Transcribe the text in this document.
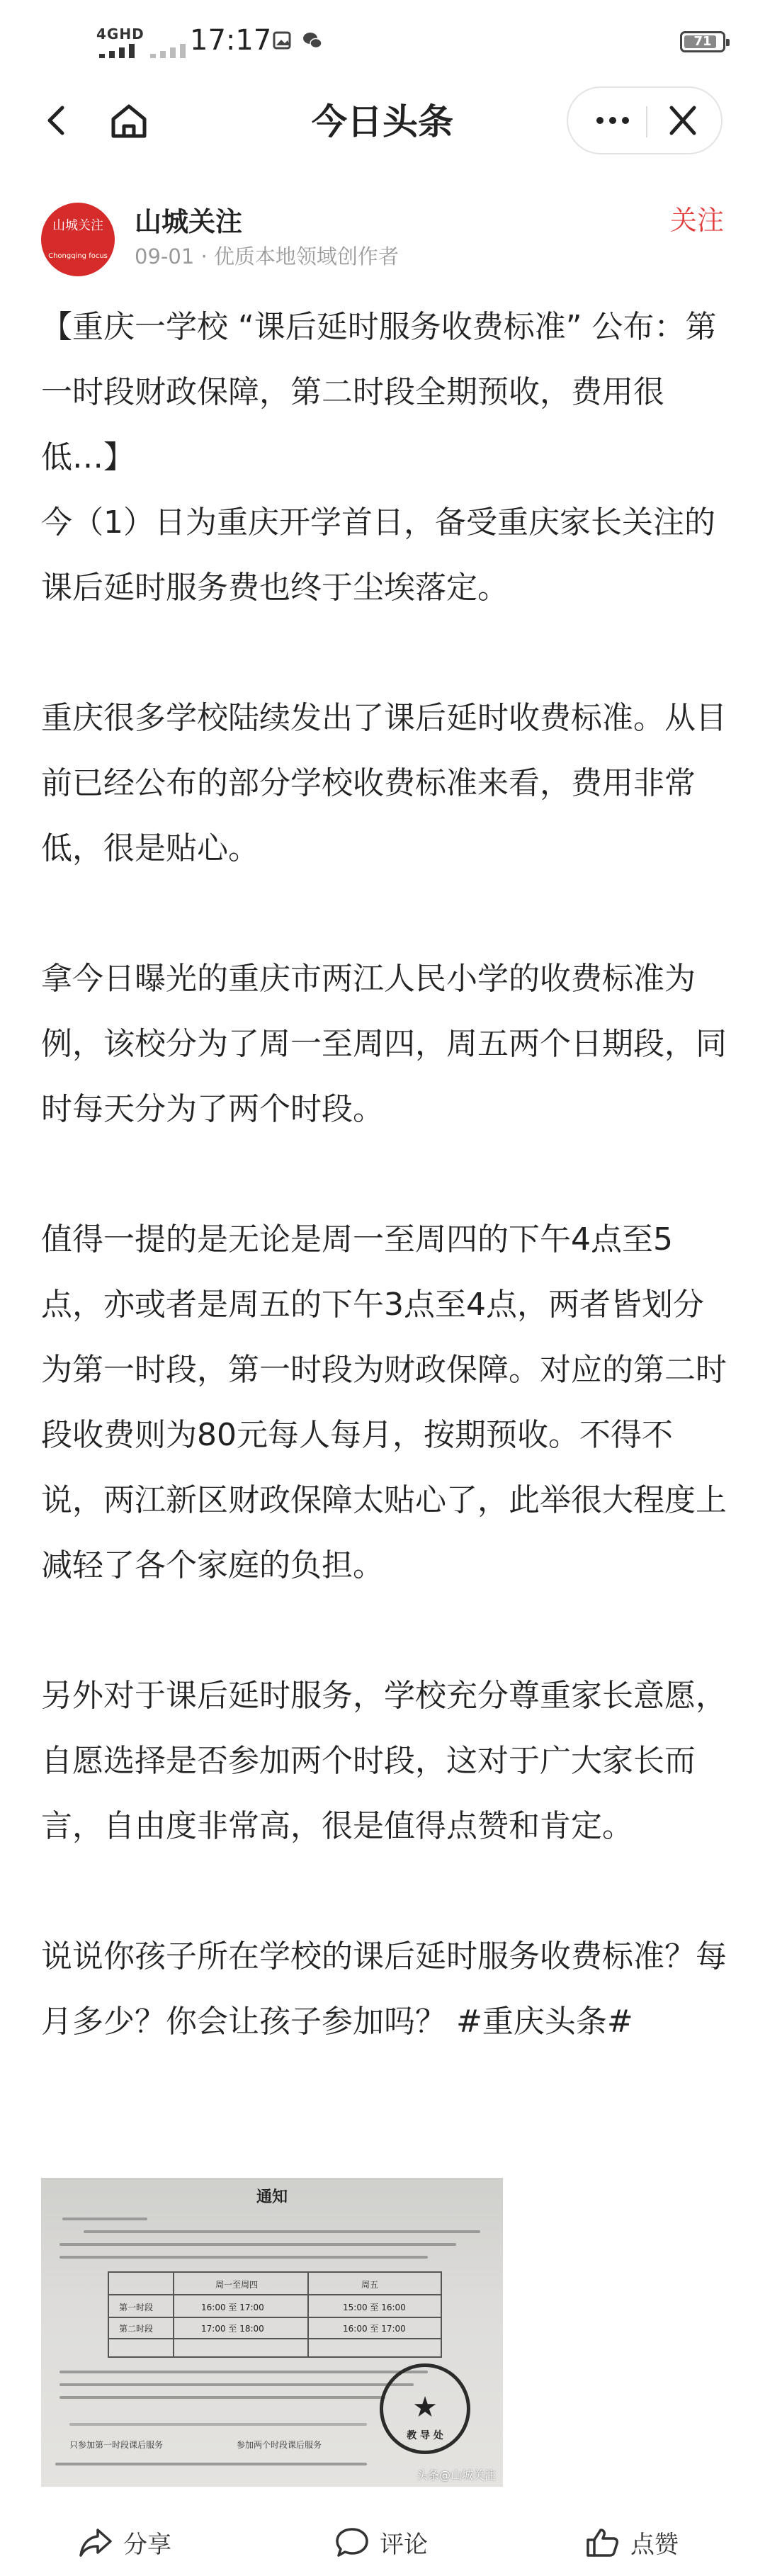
4GHD 17:17	71
今日头条
山城关注
Chongqing focus
山城关注
09-01 · 优质本地领域创作者
关注

【重庆一学校 “课后延时服务收费标准” 公布：第一时段财政保障，第二时段全期预收，费用很低…】
今（1）日为重庆开学首日，备受重庆家长关注的课后延时服务费也终于尘埃落定。

重庆很多学校陆续发出了课后延时收费标准。从目前已经公布的部分学校收费标准来看，费用非常低，很是贴心。

拿今日曝光的重庆市两江人民小学的收费标准为例，该校分为了周一至周四，周五两个日期段，同时每天分为了两个时段。

值得一提的是无论是周一至周四的下午4点至5点，亦或者是周五的下午3点至4点，两者皆划分为第一时段，第一时段为财政保障。对应的第二时段收费则为80元每人每月，按期预收。不得不说，两江新区财政保障太贴心了，此举很大程度上减轻了各个家庭的负担。

另外对于课后延时服务，学校充分尊重家长意愿，自愿选择是否参加两个时段，这对于广大家长而言，自由度非常高，很是值得点赞和肯定。

说说你孩子所在学校的课后延时服务收费标准？每月多少？你会让孩子参加吗？ #重庆头条#

通知
周一至周四	周五
第一时段	16:00 至 17:00	15:00 至 16:00
第二时段	17:00 至 18:00	16:00 至 17:00
只参加第一时段课后服务	参加两个时段课后服务
★
教 导 处
头条@山城关注
分享	评论	点赞
